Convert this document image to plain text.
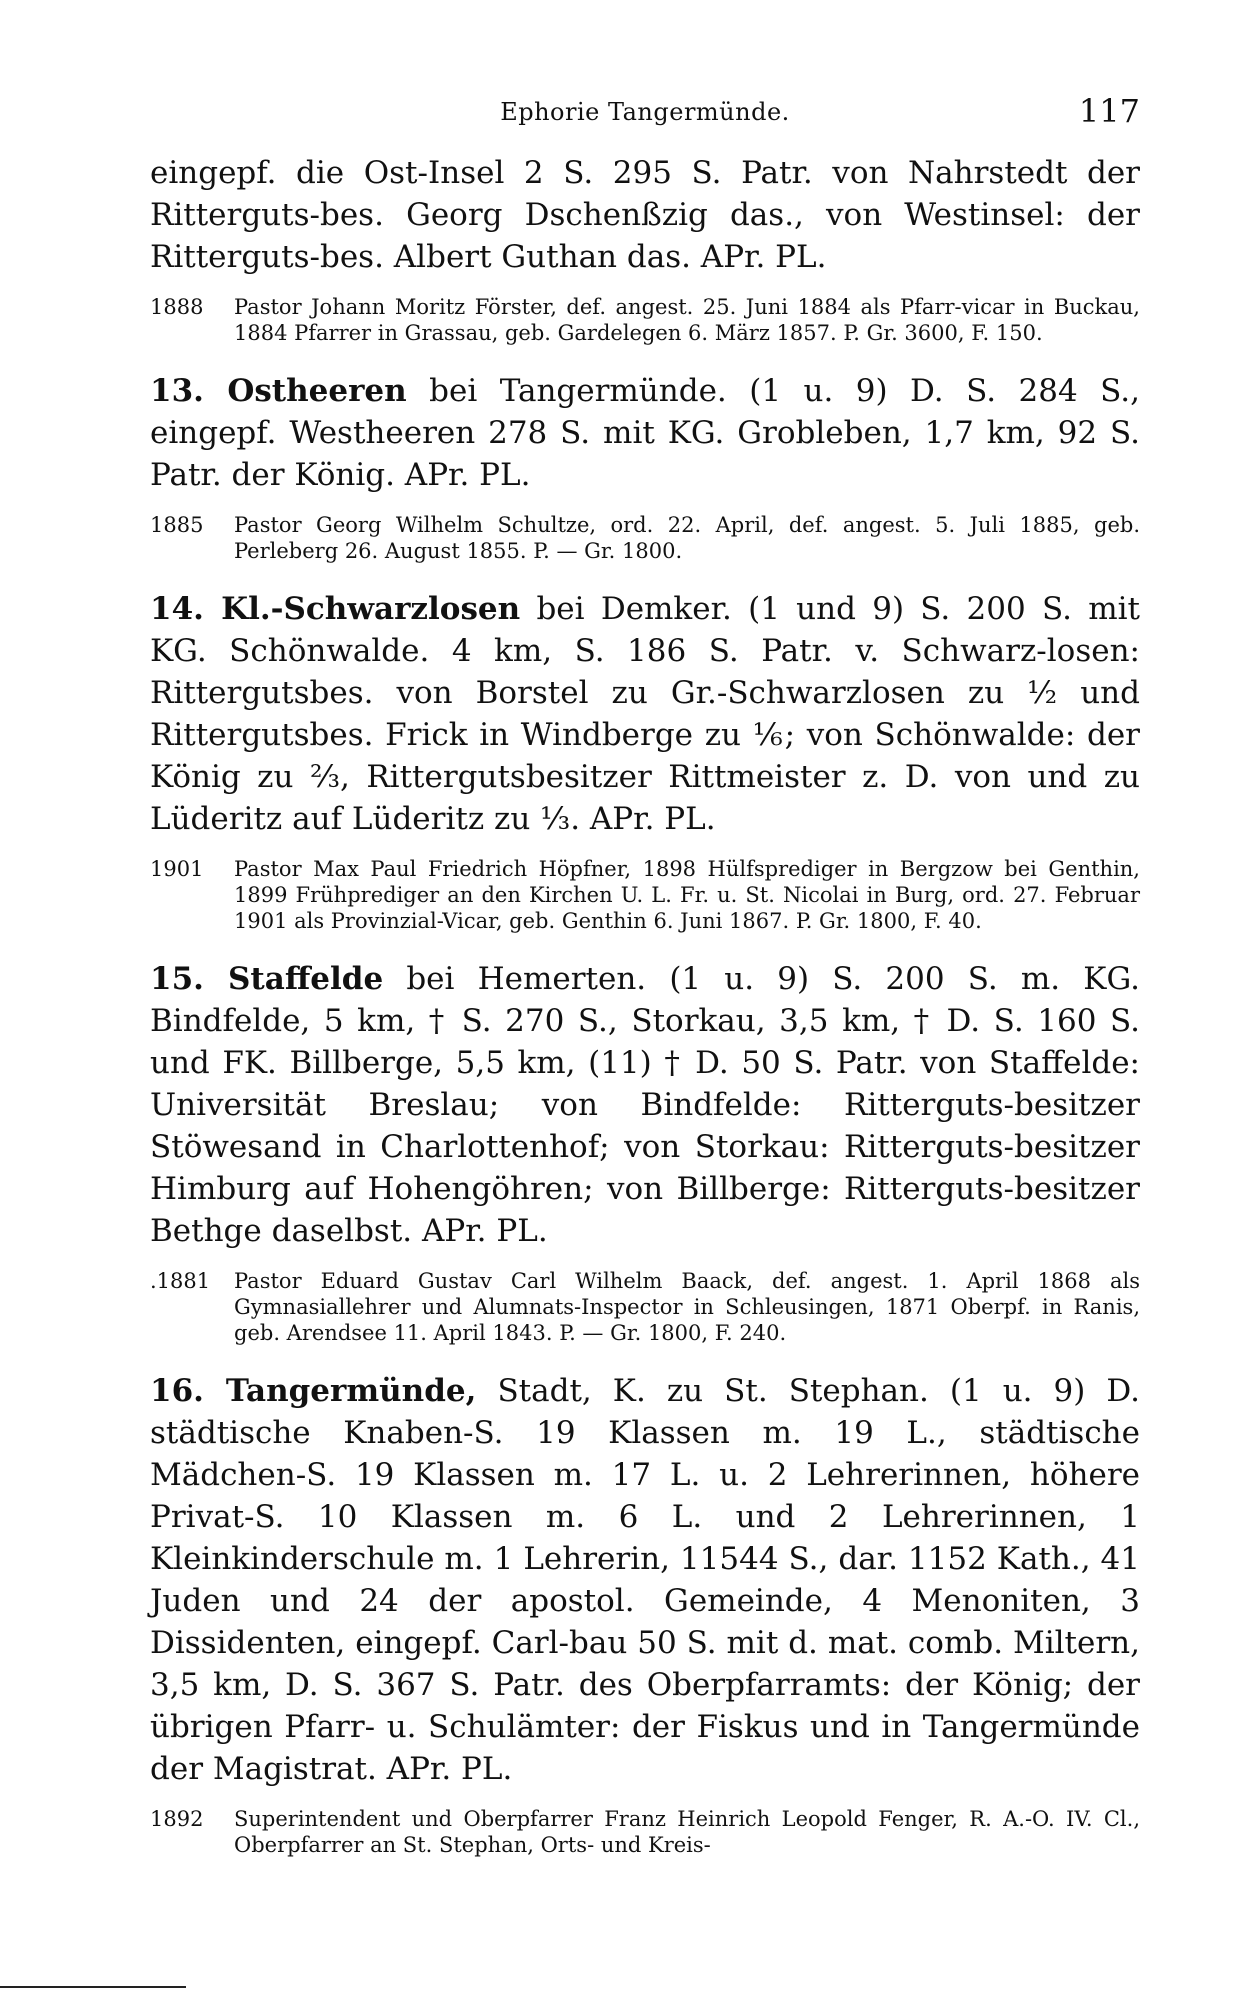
Ephorie Tangermünde.	117

eingepf. die Ost-Insel 2 S. 295 S. Patr. von Nahrstedt der Ritterguts-bes. Georg Dschenßzig das., von Westinsel: der Ritterguts-bes. Albert Guthan das. APr. PL.

1888	Pastor Johann Moritz Förster, def. angest. 25. Juni 1884 als Pfarr-vicar in Buckau, 1884 Pfarrer in Grassau, geb. Gardelegen 6. März 1857. P. Gr. 3600, F. 150.

13. Ostheeren bei Tangermünde. (1 u. 9) D. S. 284 S., eingepf. Westheeren 278 S. mit KG. Grobleben, 1,7 km, 92 S. Patr. der König. APr. PL.

1885	Pastor Georg Wilhelm Schultze, ord. 22. April, def. angest. 5. Juli 1885, geb. Perleberg 26. August 1855. P. — Gr. 1800.

14. Kl.-Schwarzlosen bei Demker. (1 und 9) S. 200 S. mit KG. Schönwalde. 4 km, S. 186 S. Patr. v. Schwarz-losen: Rittergutsbes. von Borstel zu Gr.-Schwarzlosen zu ½ und Rittergutsbes. Frick in Windberge zu ⅙; von Schönwalde: der König zu ⅔, Rittergutsbesitzer Rittmeister z. D. von und zu Lüderitz auf Lüderitz zu ⅓. APr. PL.

1901	Pastor Max Paul Friedrich Höpfner, 1898 Hülfsprediger in Bergzow bei Genthin, 1899 Frühprediger an den Kirchen U. L. Fr. u. St. Nicolai in Burg, ord. 27. Februar 1901 als Provinzial-Vicar, geb. Genthin 6. Juni 1867. P. Gr. 1800, F. 40.

15. Staffelde bei Hemerten. (1 u. 9) S. 200 S. m. KG. Bindfelde, 5 km, † S. 270 S., Storkau, 3,5 km, † D. S. 160 S. und FK. Billberge, 5,5 km, (11) † D. 50 S. Patr. von Staffelde: Universität Breslau; von Bindfelde: Ritterguts-besitzer Stöwesand in Charlottenhof; von Storkau: Ritterguts-besitzer Himburg auf Hohengöhren; von Billberge: Ritterguts-besitzer Bethge daselbst. APr. PL.

.1881	Pastor Eduard Gustav Carl Wilhelm Baack, def. angest. 1. April 1868 als Gymnasiallehrer und Alumnats-Inspector in Schleusingen, 1871 Oberpf. in Ranis, geb. Arendsee 11. April 1843. P. — Gr. 1800, F. 240.

16. Tangermünde, Stadt, K. zu St. Stephan. (1 u. 9) D. städtische Knaben-S. 19 Klassen m. 19 L., städtische Mädchen-S. 19 Klassen m. 17 L. u. 2 Lehrerinnen, höhere Privat-S. 10 Klassen m. 6 L. und 2 Lehrerinnen, 1 Kleinkinderschule m. 1 Lehrerin, 11544 S., dar. 1152 Kath., 41 Juden und 24 der apostol. Gemeinde, 4 Menoniten, 3 Dissidenten, eingepf. Carl-bau 50 S. mit d. mat. comb. Miltern, 3,5 km, D. S. 367 S. Patr. des Oberpfarramts: der König; der übrigen Pfarr- u. Schulämter: der Fiskus und in Tangermünde der Magistrat. APr. PL.

1892	Superintendent und Oberpfarrer Franz Heinrich Leopold Fenger, R. A.-O. IV. Cl., Oberpfarrer an St. Stephan, Orts- und Kreis-
